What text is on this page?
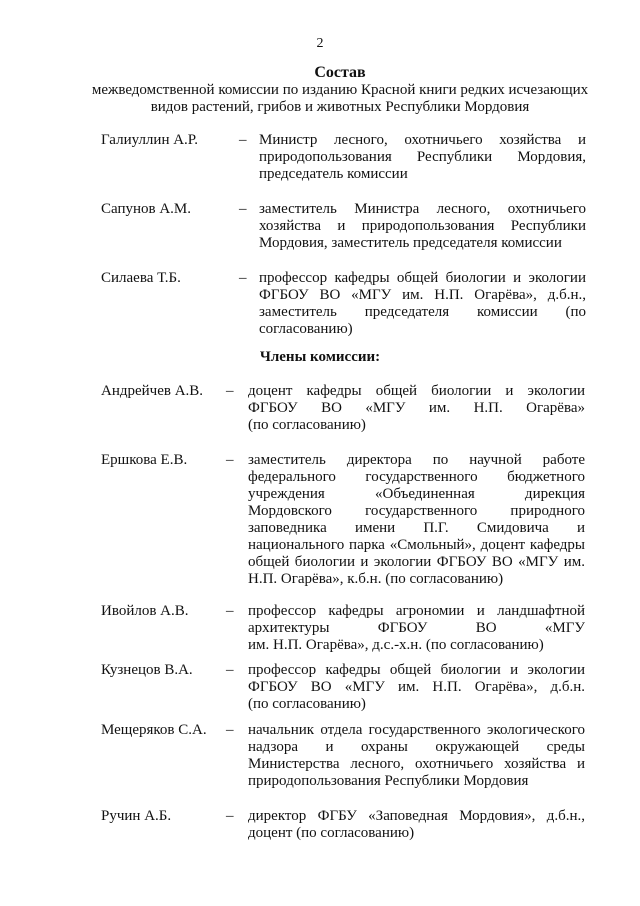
2
Состав
межведомственной комиссии по изданию Красной книги редких исчезающих
видов растений, грибов и животных Республики Мордовия
Галиуллин А.Р.	– Министр лесного, охотничьего хозяйства и
природопользования Республики Мордовия,
председатель комиссии
Сапунов А.М.	– заместитель Министра лесного, охотничьего
хозяйства и природопользования Республики
Мордовия, заместитель председателя комиссии
Силаева Т.Б.	– профессор кафедры общей биологии и экологии
ФГБОУ ВО «МГУ им. Н.П. Огарёва», д.б.н.,
заместитель председателя комиссии (по
согласованию)
Члены комиссии:
Андрейчев А.В. – доцент кафедры общей биологии и экологии
ФГБОУ ВО «МГУ им. Н.П. Огарёва»
(по согласованию)
Ершкова Е.В.	– заместитель директора по научной работе
федерального государственного бюджетного
учреждения «Объединенная дирекция
Мордовского государственного природного
заповедника имени П.Г. Смидовича и
национального парка «Смольный», доцент кафедры
общей биологии и экологии ФГБОУ ВО «МГУ им.
Н.П. Огарёва», к.б.н. (по согласованию)
Ивойлов А.В.	– профессор кафедры агрономии и ландшафтной
архитектуры ФГБОУ ВО «МГУ
им. Н.П. Огарёва», д.с.-х.н. (по согласованию)
Кузнецов В.А. – профессор кафедры общей биологии и экологии
ФГБОУ ВО «МГУ им. Н.П. Огарёва», д.б.н.
(по согласованию)
Мещеряков С.А. – начальник отдела государственного экологического
надзора и охраны окружающей среды
Министерства лесного, охотничьего хозяйства и
природопользования Республики Мордовия
Ручин А.Б.	– директор ФГБУ «Заповедная Мордовия», д.б.н.,
доцент (по согласованию)
